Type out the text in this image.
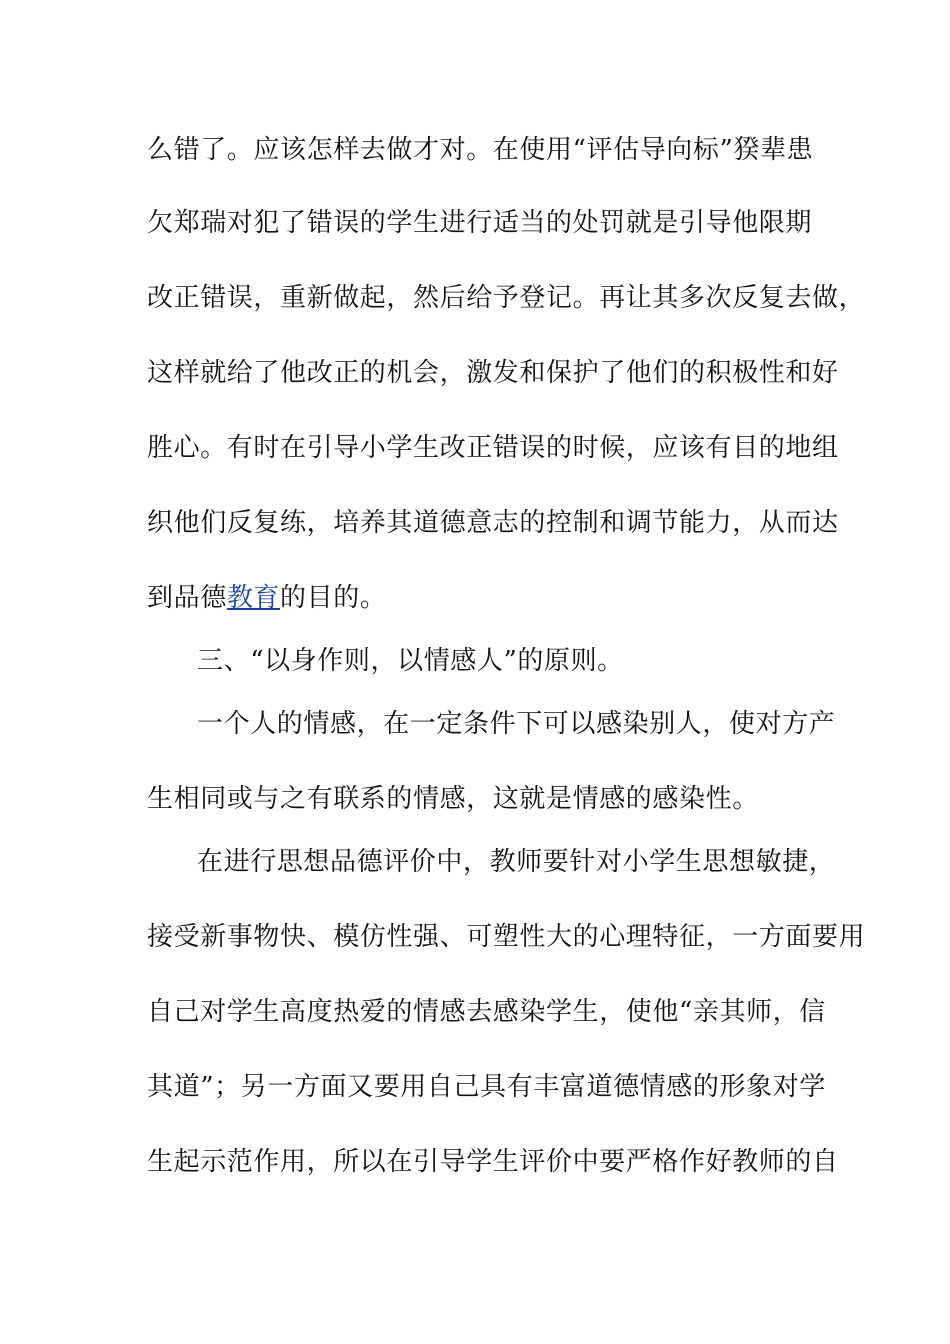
么错了。应该怎样去做才对。在使用“评估导向标”猤辈患
欠郑瑞对犯了错误的学生进行适当的处罚就是引导他限期
改正错误，重新做起，然后给予登记。再让其多次反复去做，
这样就给了他改正的机会，激发和保护了他们的积极性和好
胜心。有时在引导小学生改正错误的时候，应该有目的地组
织他们反复练，培养其道德意志的控制和调节能力，从而达
到品德教育的目的。
三、“以身作则，以情感人”的原则。
一个人的情感，在一定条件下可以感染别人，使对方产
生相同或与之有联系的情感，这就是情感的感染性。
在进行思想品德评价中，教师要针对小学生思想敏捷，
接受新事物快、模仿性强、可塑性大的心理特征，一方面要用
自己对学生高度热爱的情感去感染学生，使他“亲其师，信
其道”；另一方面又要用自己具有丰富道德情感的形象对学
生起示范作用，所以在引导学生评价中要严格作好教师的自
